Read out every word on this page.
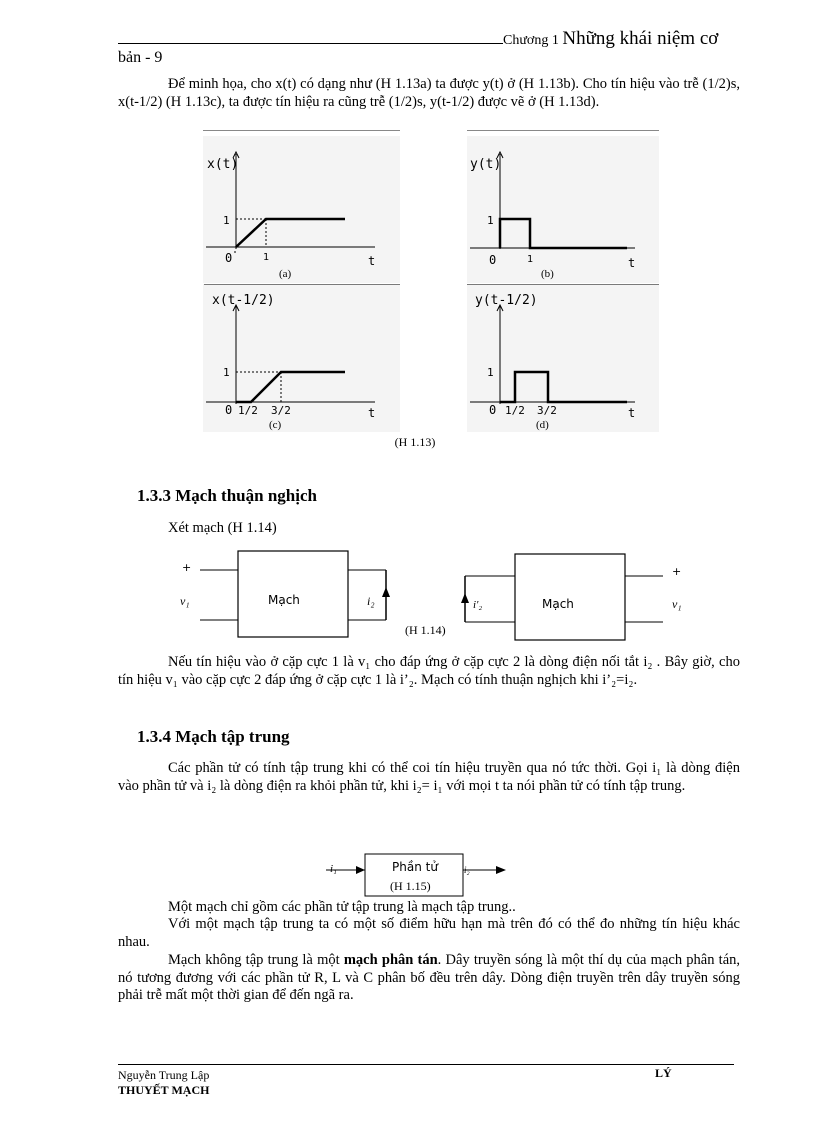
Chương 1 Những khái niệm cơ
bản - 9
Để minh họa, cho x(t) có dạng như (H 1.13a) ta được y(t) ở (H 1.13b). Cho tín hiệu vào trễ (1/2)s, x(t-1/2) (H 1.13c), ta được tín hiệu ra cũng trễ (1/2)s, y(t-1/2) được vẽ ở (H 1.13d).
x(t)
1
0	1	t
(a)
y(t)
1
0	1	t
(b)
x(t-1/2)
1
0 1/2 3/2	t
(c)
y(t-1/2)
1
0 1/2 3/2	t
(d)
(H 1.13)
1.3.3 Mạch thuận nghịch
Xét mạch (H 1.14)
+
v₁	Mạch	i₂
+
v₁
Mạch
i'₂
(H 1.14)
Nếu tín hiệu vào ở cặp cực 1 là v₁ cho đáp ứng ở cặp cực 2 là dòng điện nối tắt i₂ . Bây giờ, cho tín hiệu v₁ vào cặp cực 2 đáp ứng ở cặp cực 1 là i’₂. Mạch có tính thuận nghịch khi i’₂=i₂.
1.3.4 Mạch tập trung
Các phần tử có tính tập trung khi có thể coi tín hiệu truyền qua nó tức thời. Gọi i₁ là dòng điện vào phần tử và i₂ là dòng điện ra khỏi phần tử, khi i₂= i₁ với mọi t ta nói phần tử có tính tập trung.
Phần tử
i₁	i₂
(H 1.15)
Một mạch chỉ gồm các phần tử tập trung là mạch tập trung..
Với một mạch tập trung ta có một số điểm hữu hạn mà trên đó có thể đo những tín hiệu khác nhau.
Mạch không tập trung là một mạch phân tán. Dây truyền sóng là một thí dụ của mạch phân tán, nó tương đương với các phần tử R, L và C phân bố đều trên dây. Dòng điện truyền trên dây truyền sóng phải trễ mất một thời gian để đến ngã ra.
Nguyễn Trung Lập
THUYẾT MẠCH
LÝ
